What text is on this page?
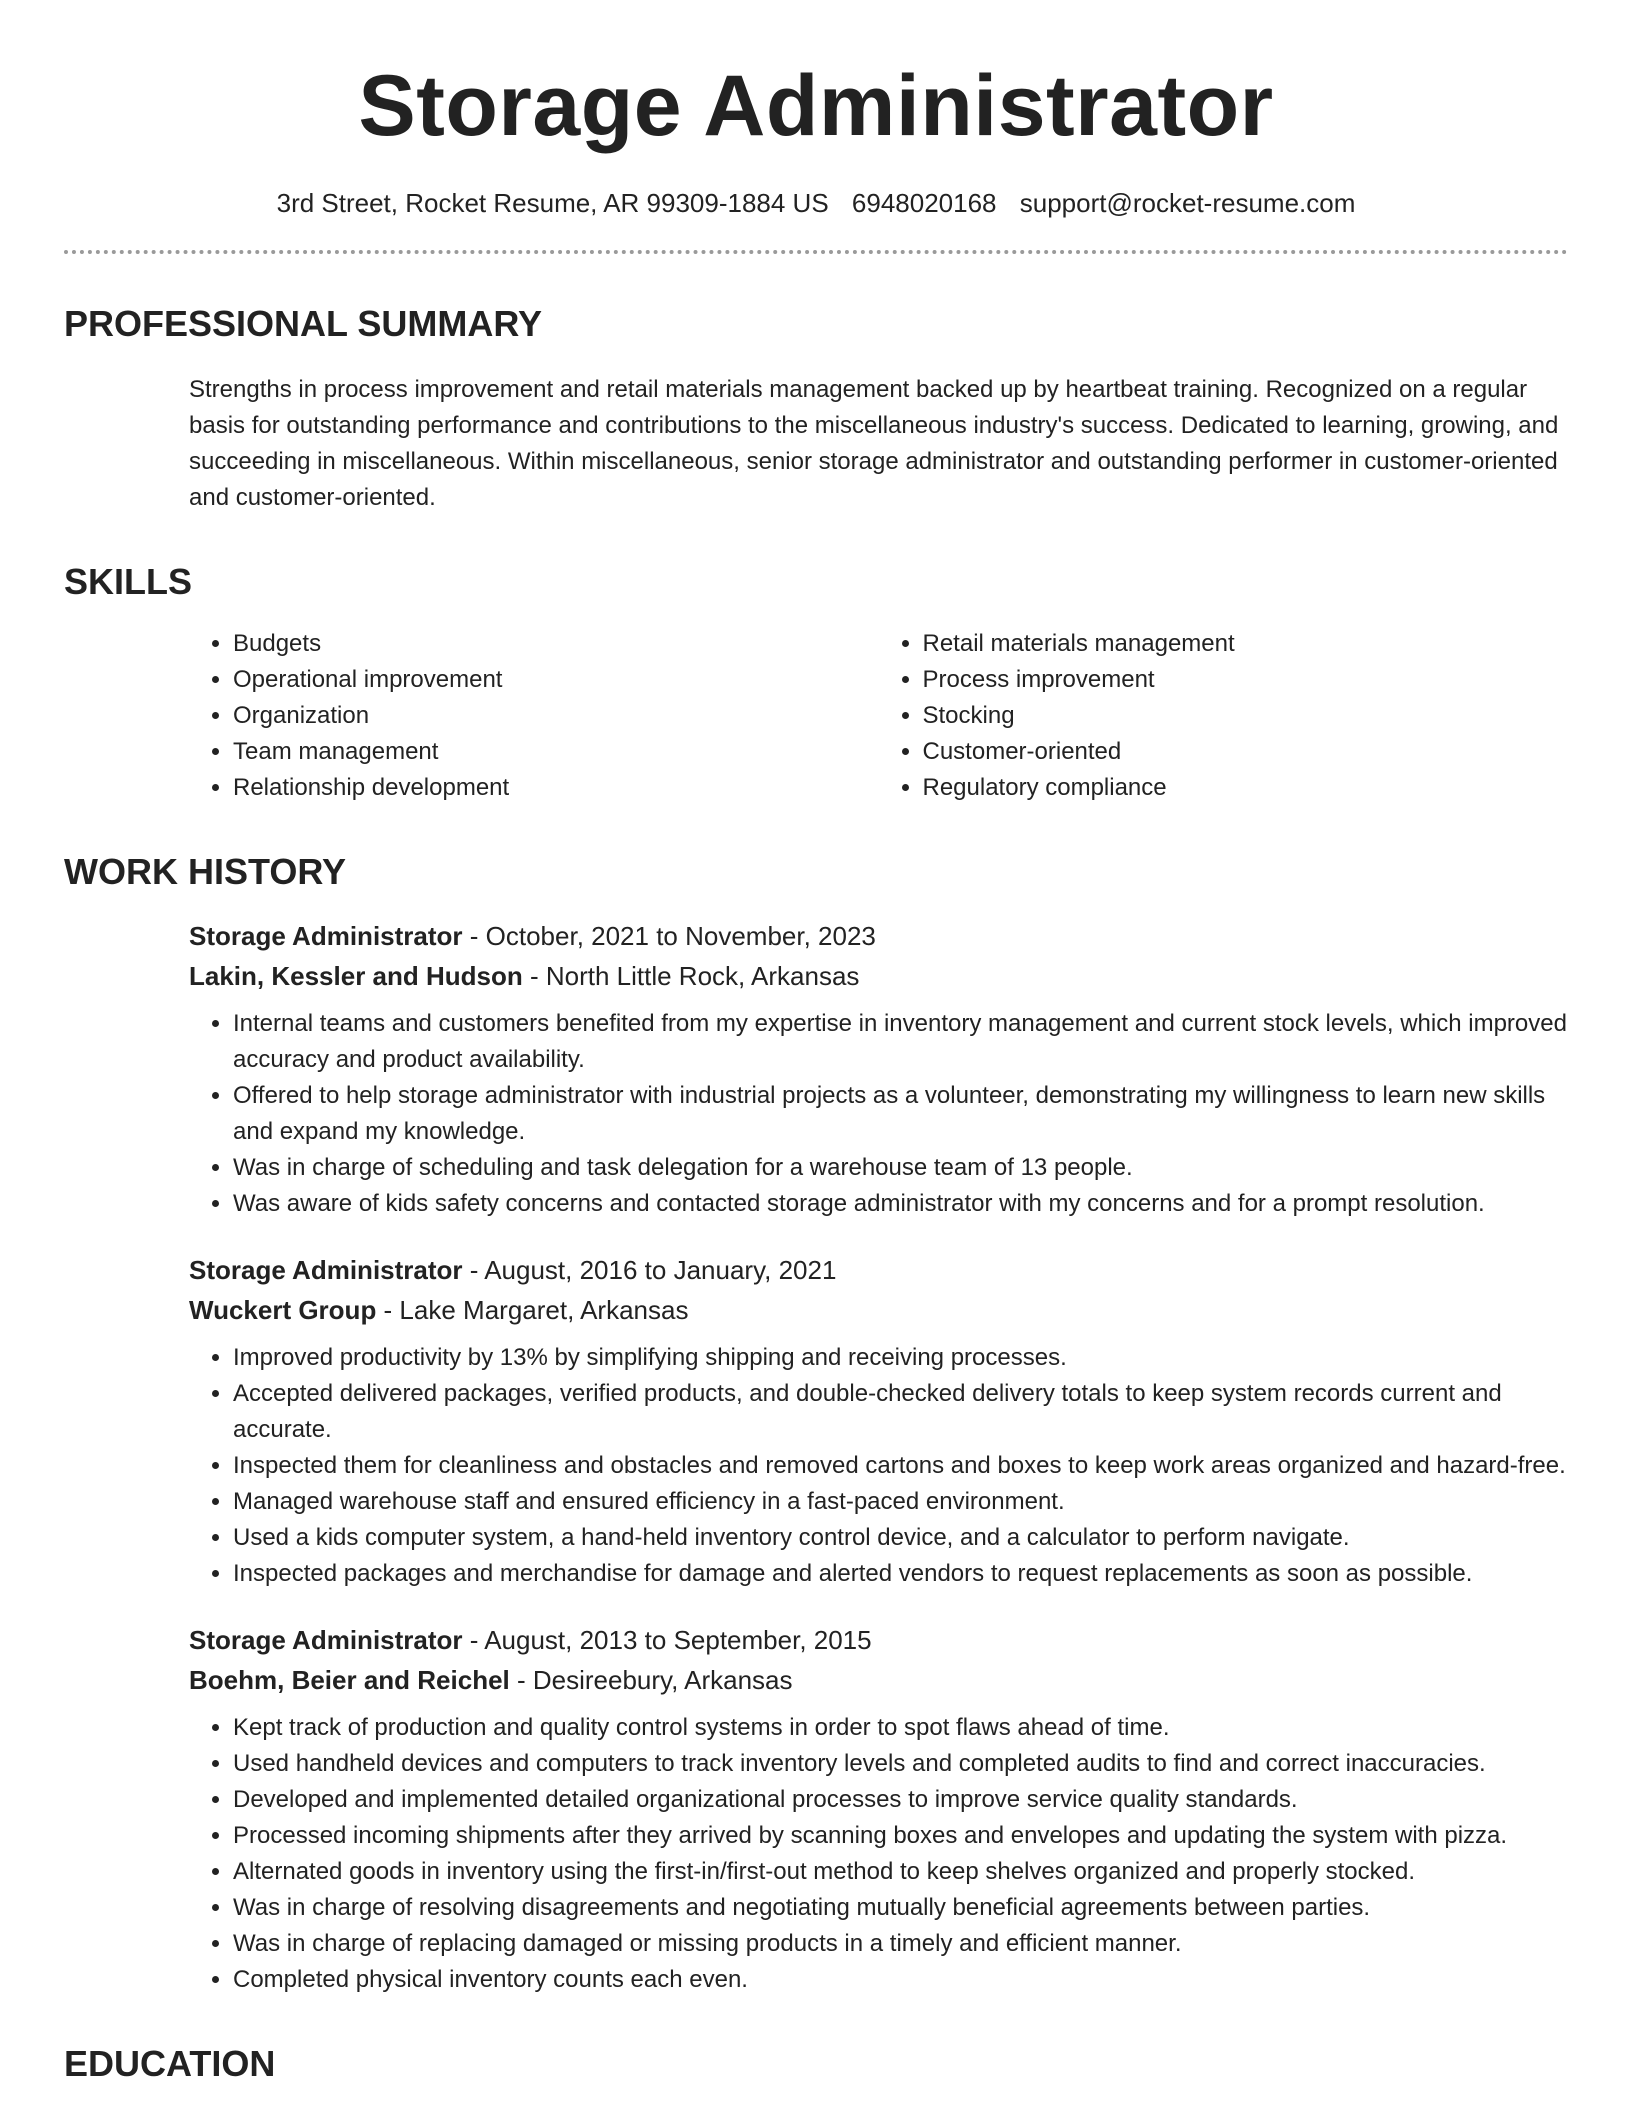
Storage Administrator
3rd Street, Rocket Resume, AR 99309-1884 US 6948020168 support@rocket-resume.com
PROFESSIONAL SUMMARY
Strengths in process improvement and retail materials management backed up by heartbeat training. Recognized on a regular basis for outstanding performance and contributions to the miscellaneous industry's success. Dedicated to learning, growing, and succeeding in miscellaneous. Within miscellaneous, senior storage administrator and outstanding performer in customer-oriented and customer-oriented.
SKILLS
• Budgets
• Operational improvement
• Organization
• Team management
• Relationship development
• Retail materials management
• Process improvement
• Stocking
• Customer-oriented
• Regulatory compliance
WORK HISTORY
Storage Administrator - October, 2021 to November, 2023
Lakin, Kessler and Hudson - North Little Rock, Arkansas
• Internal teams and customers benefited from my expertise in inventory management and current stock levels, which improved accuracy and product availability.
• Offered to help storage administrator with industrial projects as a volunteer, demonstrating my willingness to learn new skills and expand my knowledge.
• Was in charge of scheduling and task delegation for a warehouse team of 13 people.
• Was aware of kids safety concerns and contacted storage administrator with my concerns and for a prompt resolution.
Storage Administrator - August, 2016 to January, 2021
Wuckert Group - Lake Margaret, Arkansas
• Improved productivity by 13% by simplifying shipping and receiving processes.
• Accepted delivered packages, verified products, and double-checked delivery totals to keep system records current and accurate.
• Inspected them for cleanliness and obstacles and removed cartons and boxes to keep work areas organized and hazard-free.
• Managed warehouse staff and ensured efficiency in a fast-paced environment.
• Used a kids computer system, a hand-held inventory control device, and a calculator to perform navigate.
• Inspected packages and merchandise for damage and alerted vendors to request replacements as soon as possible.
Storage Administrator - August, 2013 to September, 2015
Boehm, Beier and Reichel - Desireebury, Arkansas
• Kept track of production and quality control systems in order to spot flaws ahead of time.
• Used handheld devices and computers to track inventory levels and completed audits to find and correct inaccuracies.
• Developed and implemented detailed organizational processes to improve service quality standards.
• Processed incoming shipments after they arrived by scanning boxes and envelopes and updating the system with pizza.
• Alternated goods in inventory using the first-in/first-out method to keep shelves organized and properly stocked.
• Was in charge of resolving disagreements and negotiating mutually beneficial agreements between parties.
• Was in charge of replacing damaged or missing products in a timely and efficient manner.
• Completed physical inventory counts each even.
EDUCATION
